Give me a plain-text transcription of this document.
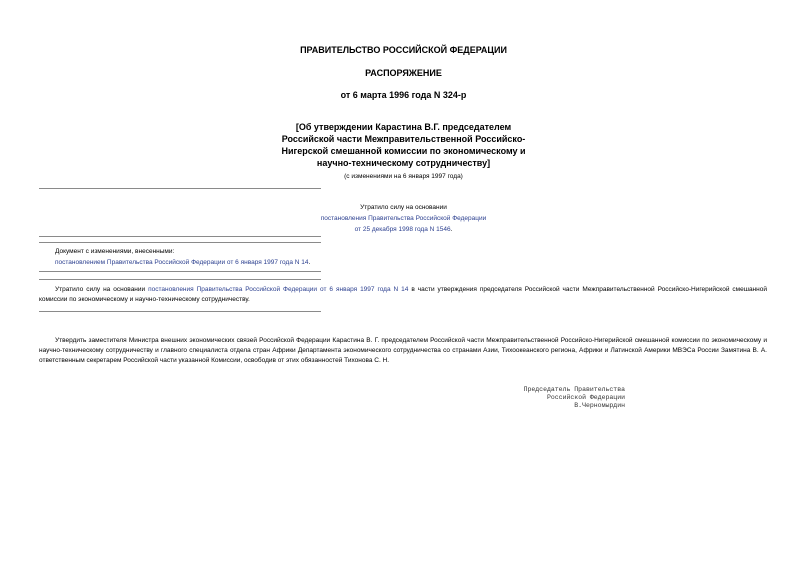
ПРАВИТЕЛЬСТВО РОССИЙСКОЙ ФЕДЕРАЦИИ
РАСПОРЯЖЕНИЕ
от 6 марта 1996 года N 324-р
[Об утверждении Карастина В.Г. председателем
Российской части Межправительственной Российско-
Нигерской смешанной комиссии по экономическому и
научно-техническому сотрудничеству]
(с изменениями на 6 января 1997 года)
Утратило силу на основании
постановления Правительства Российской Федерации
от 25 декабря 1998 года N 1546.
Документ с изменениями, внесенными:
постановлением Правительства Российской Федерации от 6 января 1997 года N 14.
Утратило силу на основании постановления Правительства Российской Федерации от 6 января 1997 года N 14 в части утверждения председателя Российской части Межправительственной Российско-Нигерийской смешанной комиссии по экономическому и научно-техническому сотрудничеству.
Утвердить заместителя Министра внешних экономических связей Российской Федерации Карастина В. Г. председателем Российской части Межправительственной Российско-Нигерийской смешанной комиссии по экономическому и научно-техническому сотрудничеству и главного специалиста отдела стран Африки Департамента экономического сотрудничества со странами Азии, Тихоокеанского региона, Африки и Латинской Америки МВЭСа России Замятина В. А. ответственным секретарем Российской части указанной Комиссии, освободив от этих обязанностей Тихонова С. Н.
Председатель Правительства
Российской Федерации
В.Черномырдин
